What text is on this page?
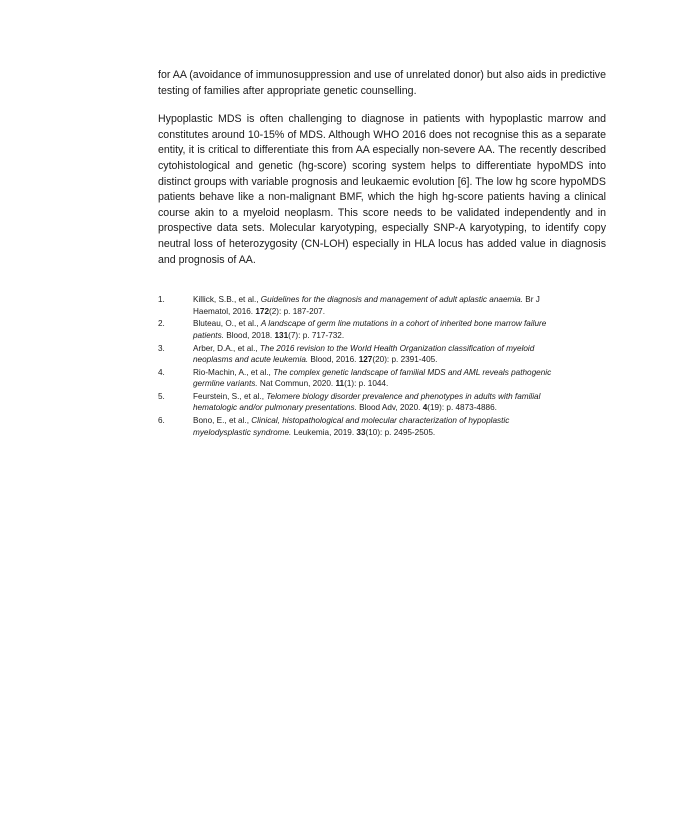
for AA (avoidance of immunosuppression and use of unrelated donor) but also aids in predictive testing of families after appropriate genetic counselling.

Hypoplastic MDS is often challenging to diagnose in patients with hypoplastic marrow and constitutes around 10-15% of MDS. Although WHO 2016 does not recognise this as a separate entity, it is critical to differentiate this from AA especially non-severe AA. The recently described cytohistological and genetic (hg-score) scoring system helps to differentiate hypoMDS into distinct groups with variable prognosis and leukaemic evolution [6]. The low hg score hypoMDS patients behave like a non-malignant BMF, which the high hg-score patients having a clinical course akin to a myeloid neoplasm. This score needs to be validated independently and in prospective data sets. Molecular karyotyping, especially SNP-A karyotyping, to identify copy neutral loss of heterozygosity (CN-LOH) especially in HLA locus has added value in diagnosis and prognosis of AA.

1.	Killick, S.B., et al., Guidelines for the diagnosis and management of adult aplastic anaemia. Br J Haematol, 2016. 172(2): p. 187-207.
2.	Bluteau, O., et al., A landscape of germ line mutations in a cohort of inherited bone marrow failure patients. Blood, 2018. 131(7): p. 717-732.
3.	Arber, D.A., et al., The 2016 revision to the World Health Organization classification of myeloid neoplasms and acute leukemia. Blood, 2016. 127(20): p. 2391-405.
4.	Rio-Machin, A., et al., The complex genetic landscape of familial MDS and AML reveals pathogenic germline variants. Nat Commun, 2020. 11(1): p. 1044.
5.	Feurstein, S., et al., Telomere biology disorder prevalence and phenotypes in adults with familial hematologic and/or pulmonary presentations. Blood Adv, 2020. 4(19): p. 4873-4886.
6.	Bono, E., et al., Clinical, histopathological and molecular characterization of hypoplastic myelodysplastic syndrome. Leukemia, 2019. 33(10): p. 2495-2505.
